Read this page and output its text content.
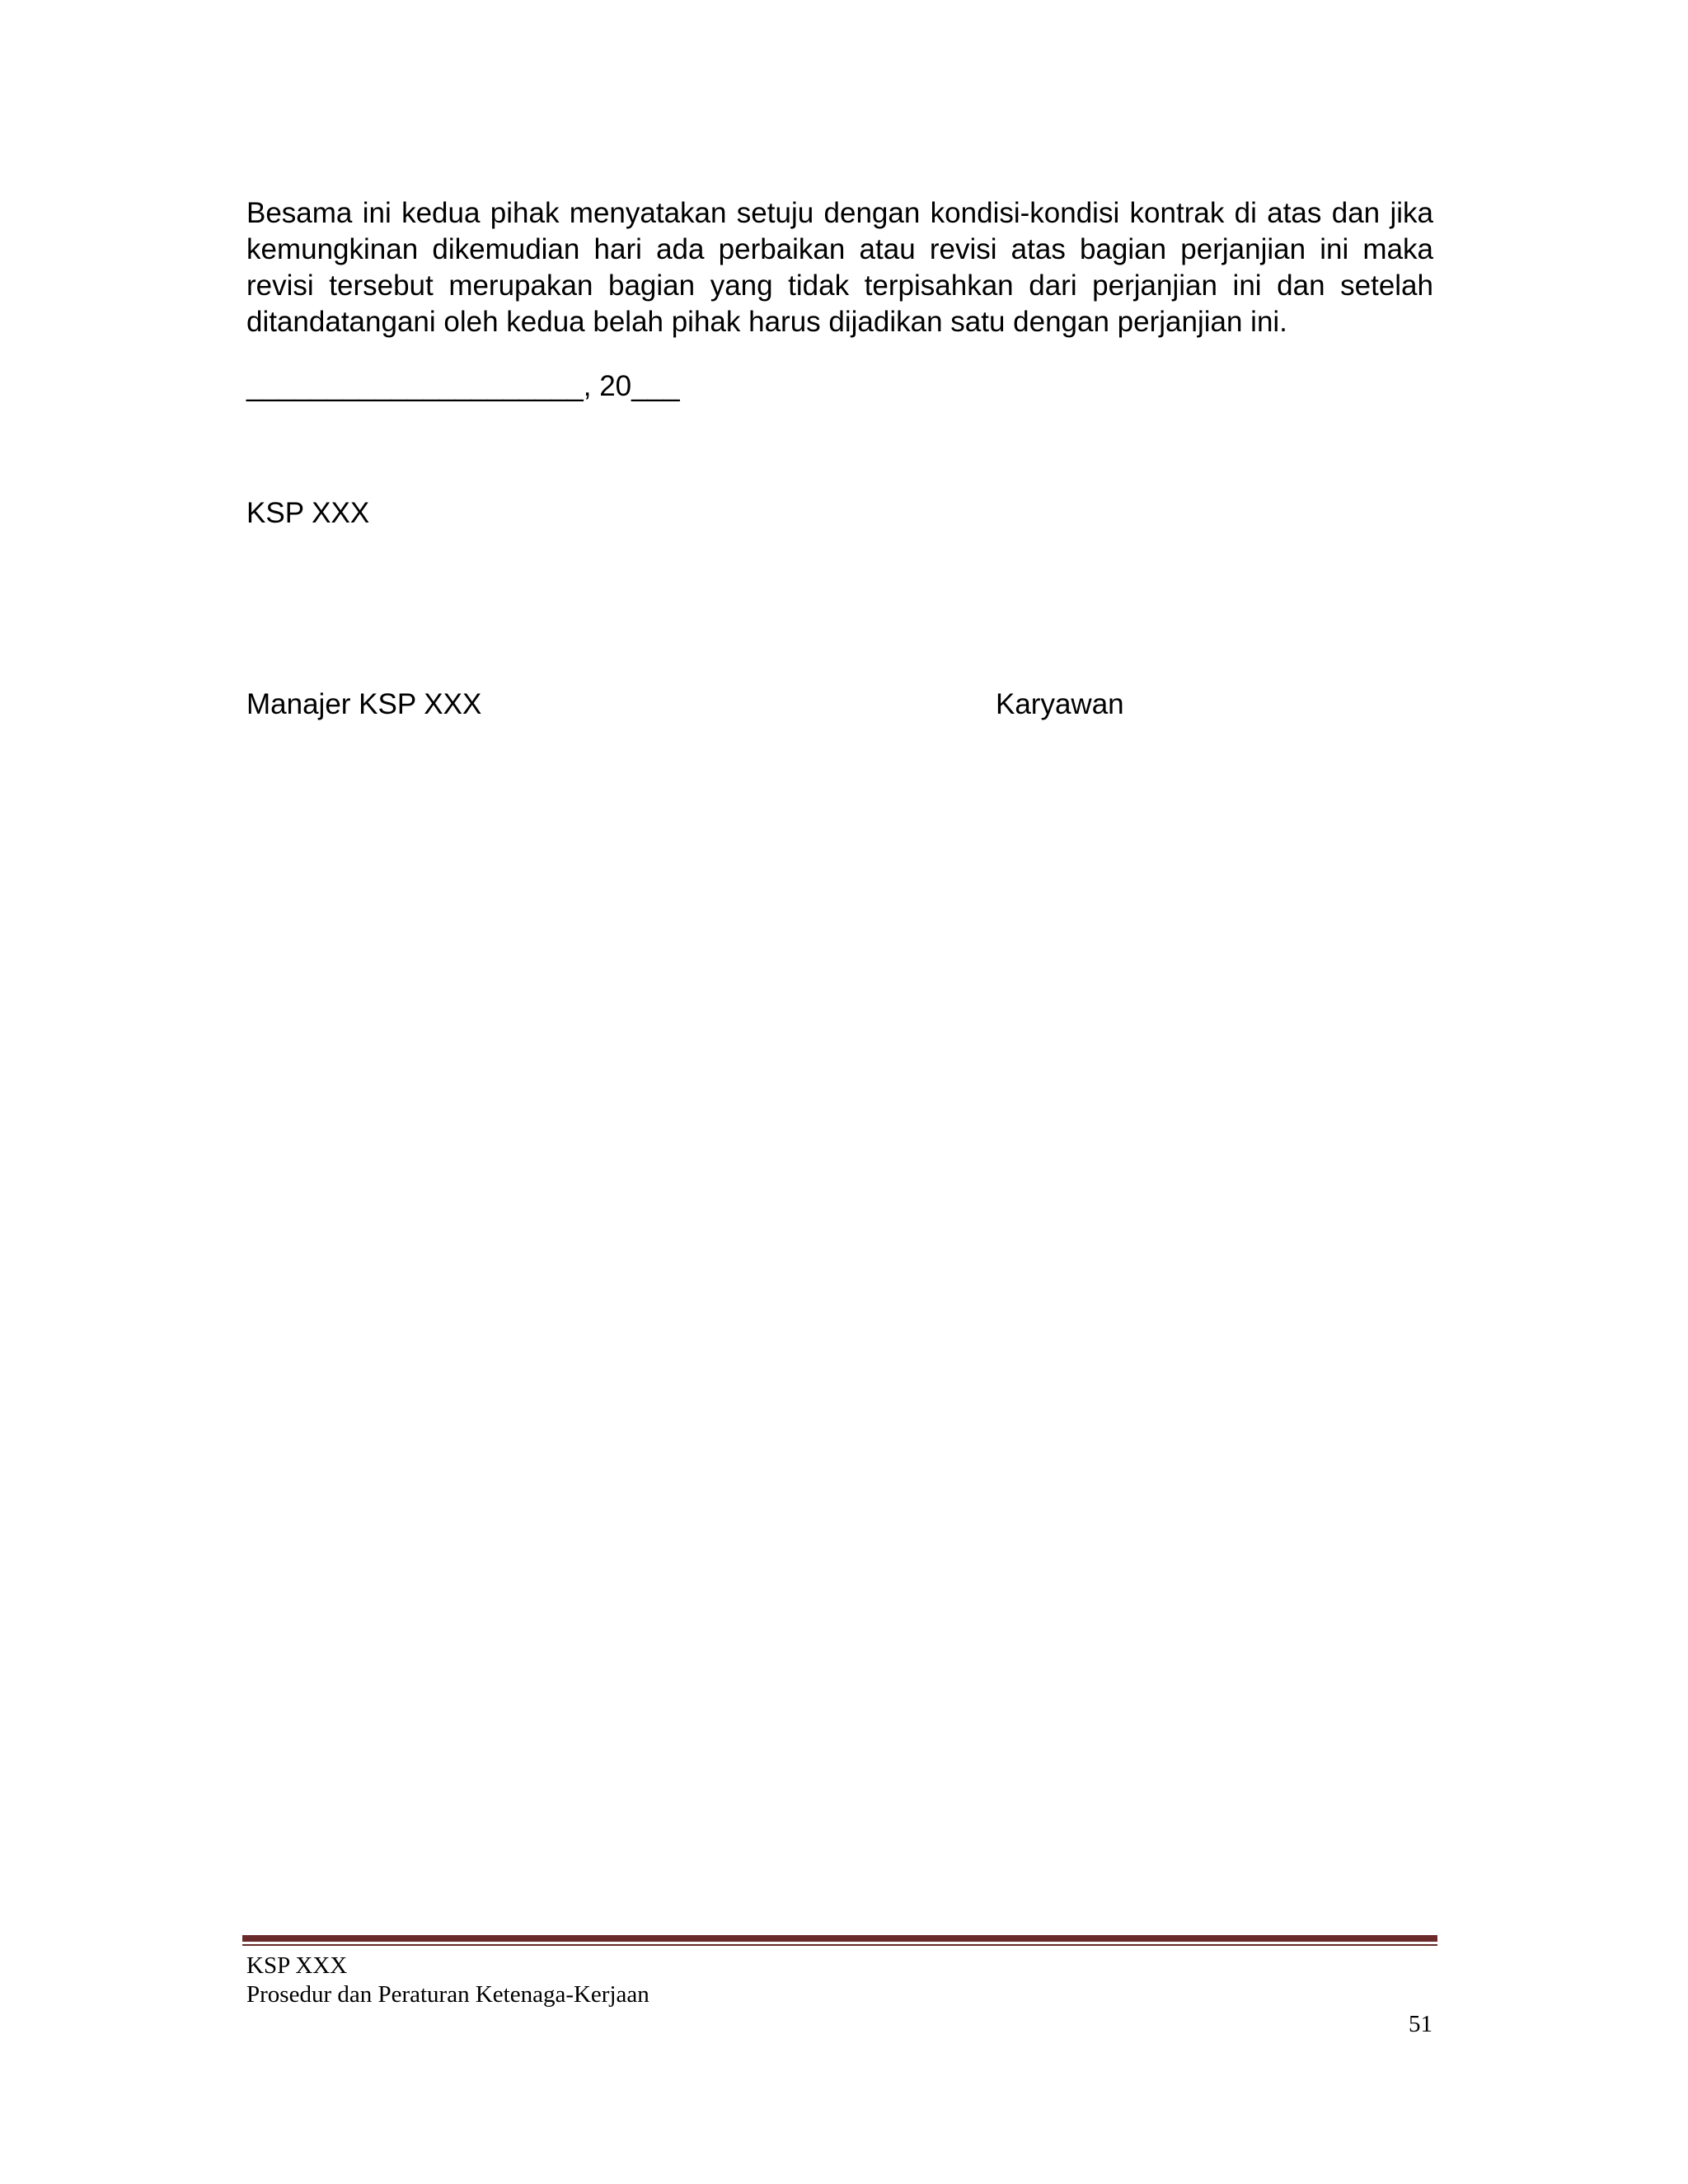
Besama ini kedua pihak menyatakan setuju dengan kondisi-kondisi kontrak di atas dan jika kemungkinan dikemudian hari ada perbaikan atau revisi atas bagian perjanjian ini maka revisi tersebut merupakan bagian yang tidak terpisahkan dari perjanjian ini dan setelah ditandatangani oleh kedua belah pihak harus dijadikan satu dengan perjanjian ini.

_____________________, 20___
KSP XXX
Manajer KSP XXX	Karyawan
KSP XXX
Prosedur dan Peraturan Ketenaga-Kerjaan
51
